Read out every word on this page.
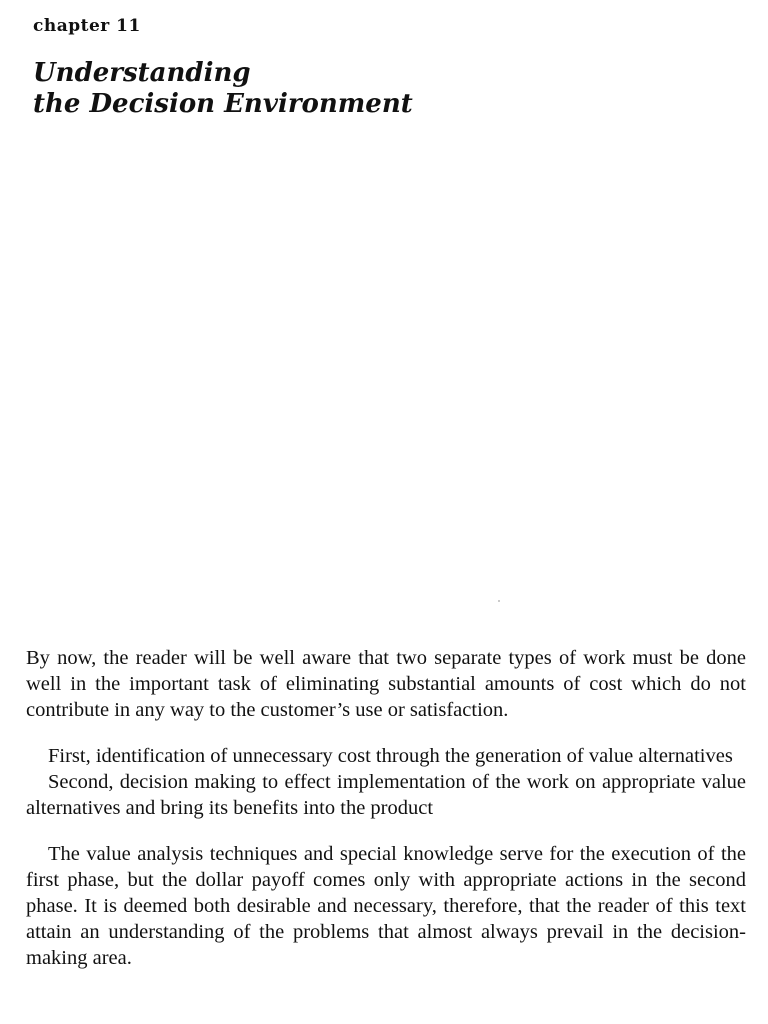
chapter 11
Understanding
the Decision Environment

By now, the reader will be well aware that two separate types of work must be done well in the important task of eliminating substantial amounts of cost which do not contribute in any way to the customer’s use or satisfaction.

First, identification of unnecessary cost through the generation of value alternatives

Second, decision making to effect implementation of the work on appropriate value alternatives and bring its benefits into the product

The value analysis techniques and special knowledge serve for the execution of the first phase, but the dollar payoff comes only with appropriate actions in the second phase. It is deemed both desirable and necessary, therefore, that the reader of this text attain an understanding of the problems that almost always prevail in the decision-making area.
